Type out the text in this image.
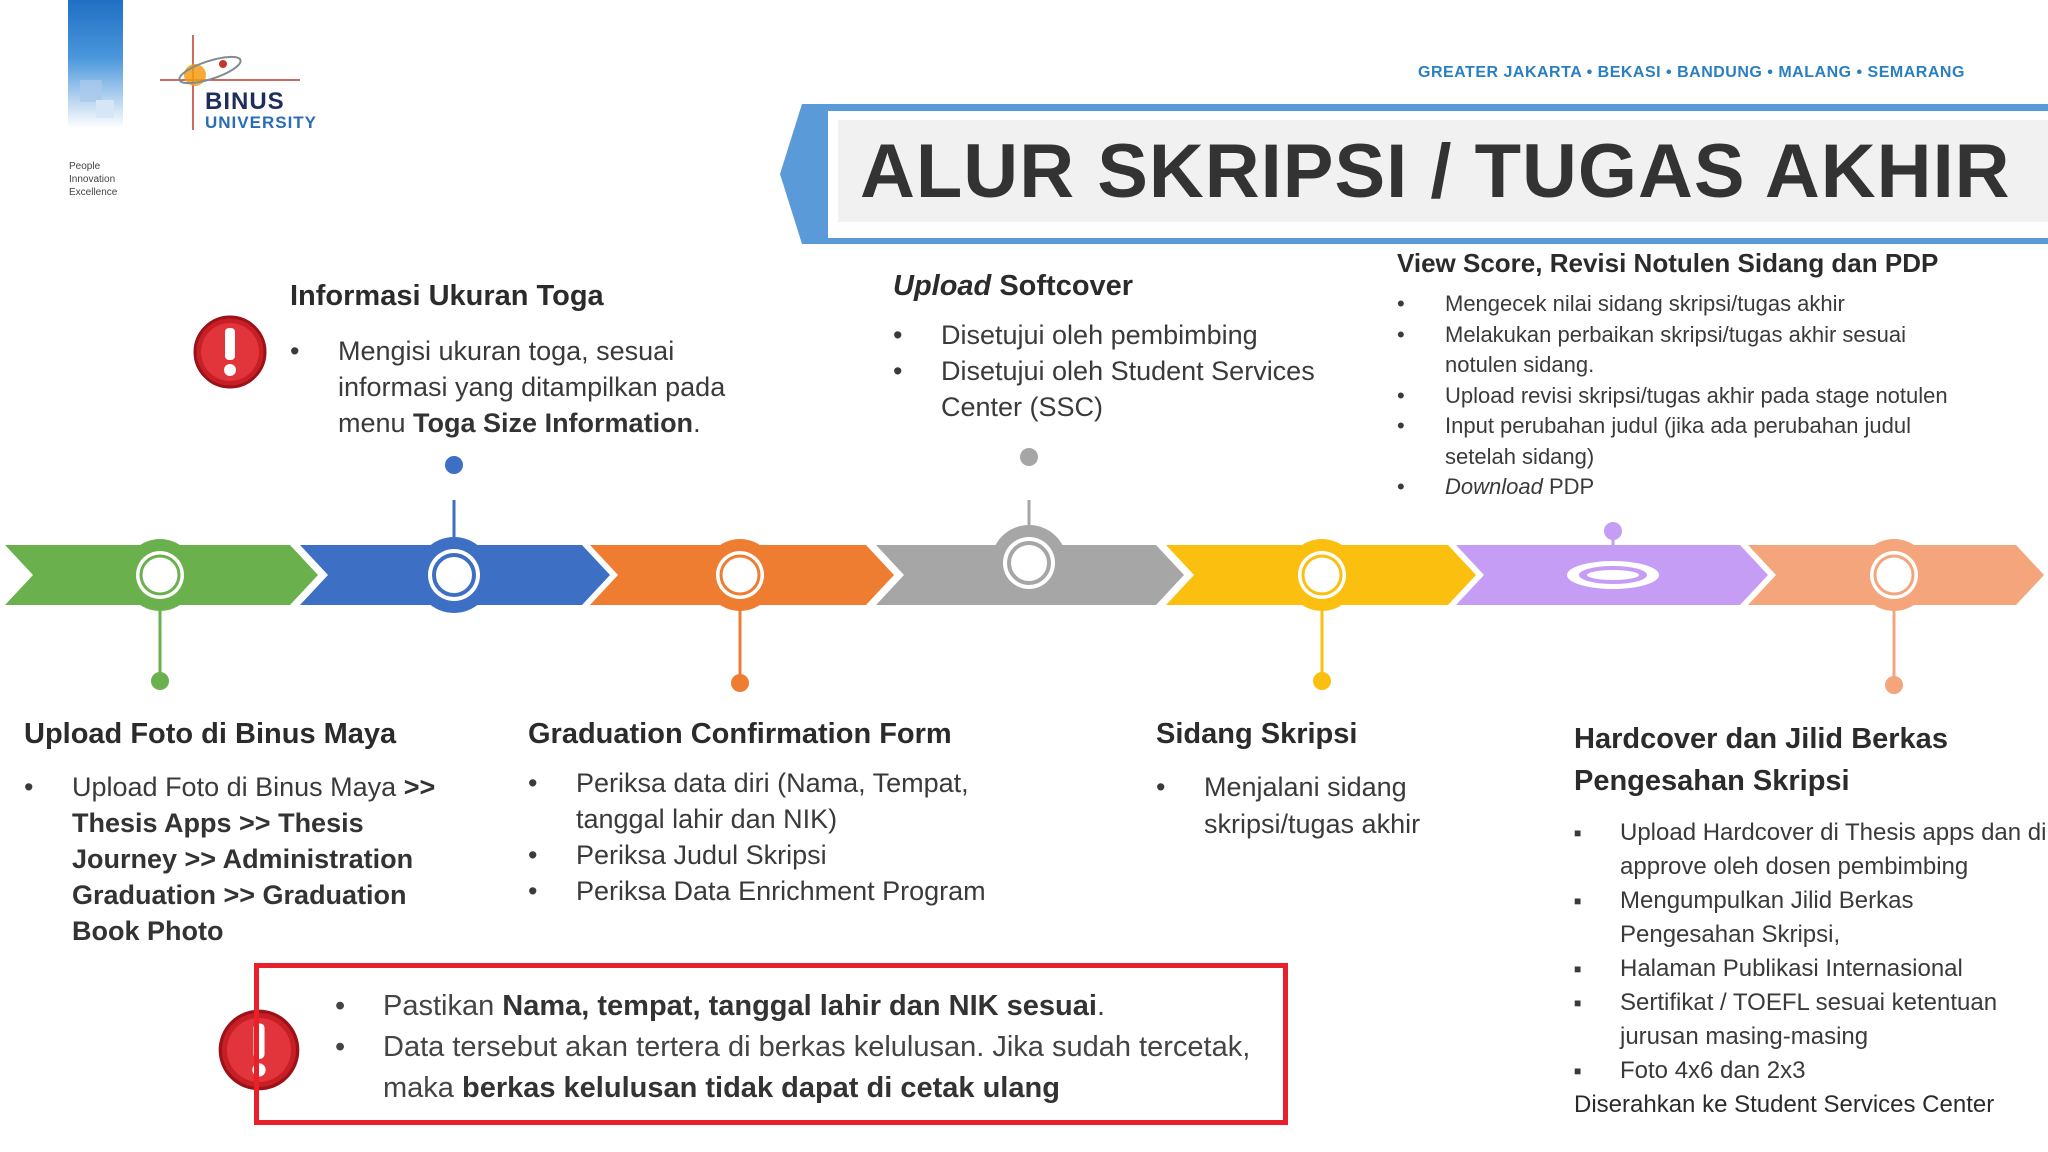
People
Innovation
Excellence
BINUS
UNIVERSITY
GREATER JAKARTA • BEKASI • BANDUNG • MALANG • SEMARANG
ALUR SKRIPSI / TUGAS AKHIR
Informasi Ukuran Toga
• Mengisi ukuran toga, sesuai informasi yang ditampilkan pada menu Toga Size Information.
Upload Softcover
• Disetujui oleh pembimbing
• Disetujui oleh Student Services Center (SSC)
View Score, Revisi Notulen Sidang dan PDP
• Mengecek nilai sidang skripsi/tugas akhir
• Melakukan perbaikan skripsi/tugas akhir sesuai notulen sidang.
• Upload revisi skripsi/tugas akhir pada stage notulen
• Input perubahan judul (jika ada perubahan judul setelah sidang)
• Download PDP
Upload Foto di Binus Maya
• Upload Foto di Binus Maya >> Thesis Apps >> Thesis Journey >> Administration Graduation >> Graduation Book Photo
Graduation Confirmation Form
• Periksa data diri (Nama, Tempat, tanggal lahir dan NIK)
• Periksa Judul Skripsi
• Periksa Data Enrichment Program
Sidang Skripsi
• Menjalani sidang skripsi/tugas akhir
Hardcover dan Jilid Berkas Pengesahan Skripsi
■ Upload Hardcover di Thesis apps dan di approve oleh dosen pembimbing
■ Mengumpulkan Jilid Berkas Pengesahan Skripsi,
■ Halaman Publikasi Internasional
■ Sertifikat / TOEFL sesuai ketentuan jurusan masing-masing
■ Foto 4x6 dan 2x3
Diserahkan ke Student Services Center
• Pastikan Nama, tempat, tanggal lahir dan NIK sesuai.
• Data tersebut akan tertera di berkas kelulusan. Jika sudah tercetak, maka berkas kelulusan tidak dapat di cetak ulang
